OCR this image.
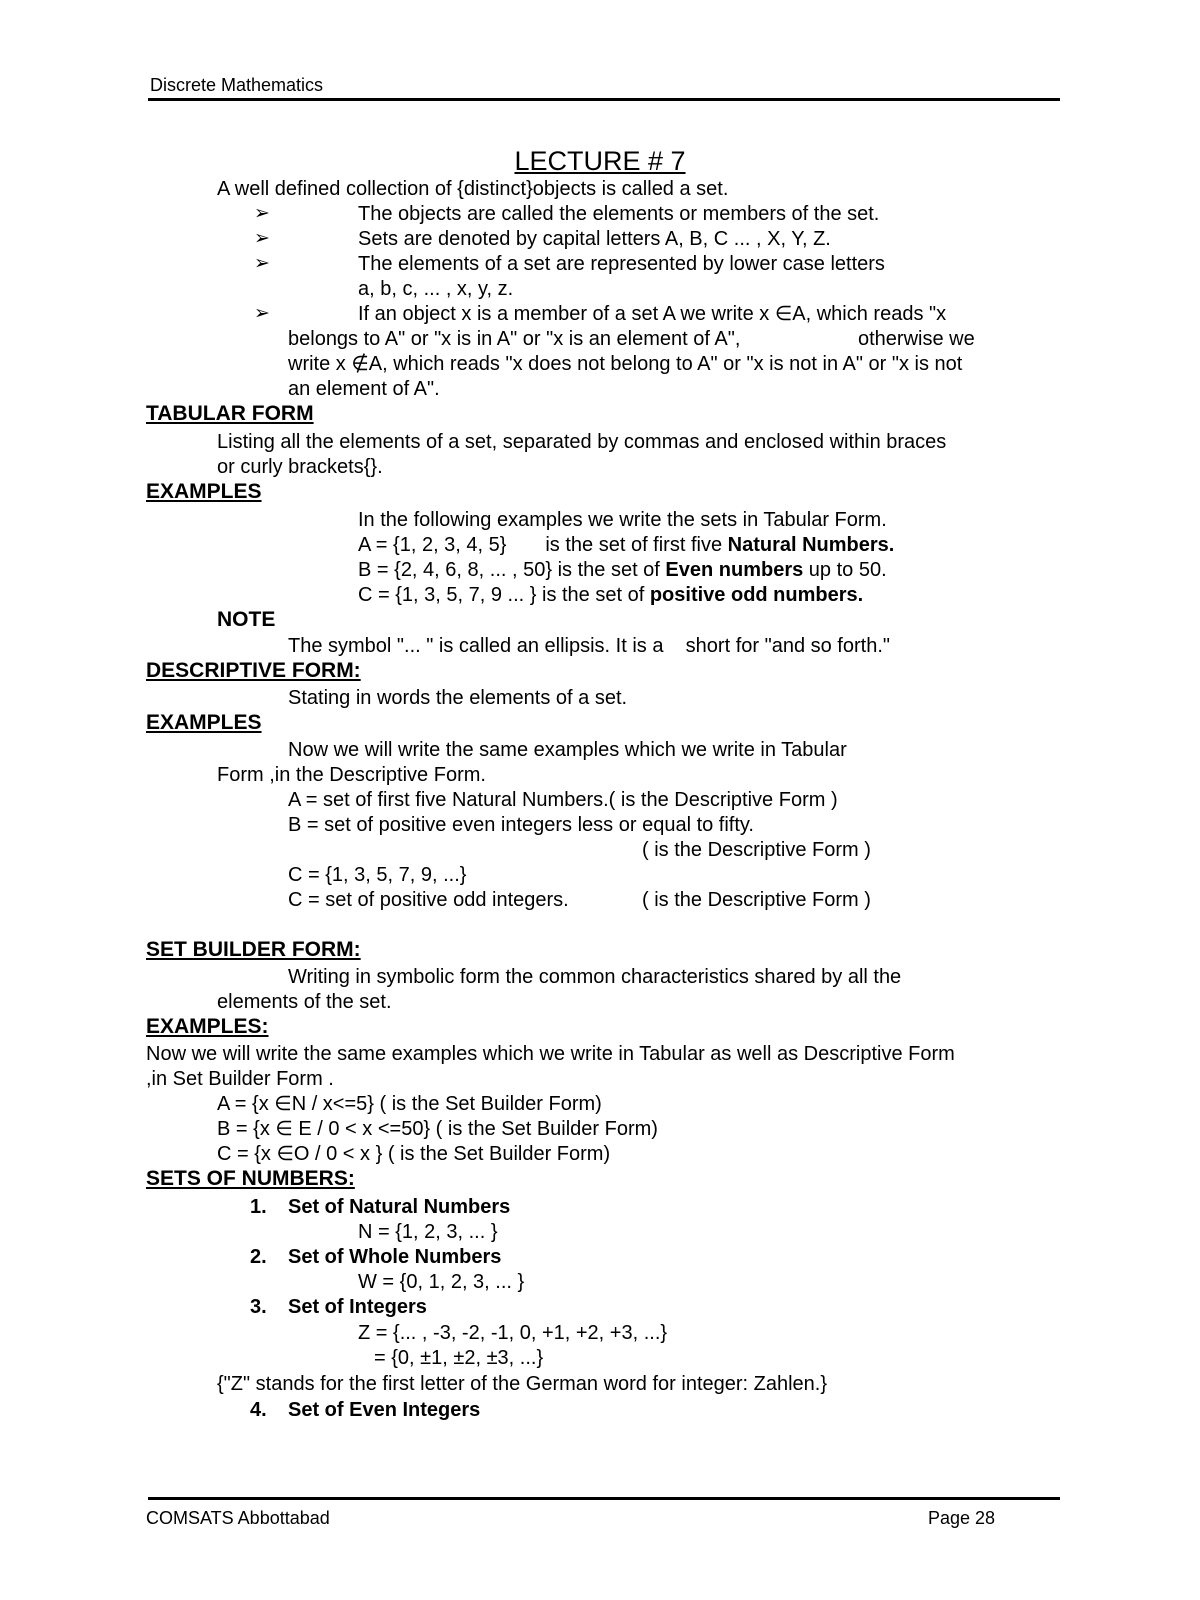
Discrete Mathematics
LECTURE # 7
A well defined collection of {distinct}objects is called a set.
➢	The objects are called the elements or members of the set.
➢	Sets are denoted by capital letters A, B, C ... , X, Y, Z.
➢	The elements of a set are represented by lower case letters
a, b, c, ... , x, y, z.
➢	If an object x is a member of a set A we write x ∈A, which reads "x
belongs to A" or "x is in A" or "x is an element of A",	otherwise we
write x ∉A, which reads "x does not belong to A" or "x is not in A" or "x is not
an element of A".
TABULAR FORM
Listing all the elements of a set, separated by commas and enclosed within braces
or curly brackets{}.
EXAMPLES
In the following examples we write the sets in Tabular Form.
A = {1, 2, 3, 4, 5}       is the set of first five Natural Numbers.
B = {2, 4, 6, 8, ... , 50} is the set of Even numbers up to 50.
C = {1, 3, 5, 7, 9 ... } is the set of positive odd numbers.
NOTE
The symbol "... " is called an ellipsis. It is a    short for "and so forth."
DESCRIPTIVE FORM:
Stating in words the elements of a set.
EXAMPLES
Now we will write the same examples which we write in Tabular
Form ,in the Descriptive Form.
A = set of first five Natural Numbers.( is the Descriptive Form )
B = set of positive even integers less or equal to fifty.
( is the Descriptive Form )
C = {1, 3, 5, 7, 9, ...}
C = set of positive odd integers.	( is the Descriptive Form )
SET BUILDER FORM:
Writing in symbolic form the common characteristics shared by all the
elements of the set.
EXAMPLES:
Now we will write the same examples which we write in Tabular as well as Descriptive Form
,in Set Builder Form .
A = {x ∈N / x<=5} ( is the Set Builder Form)
B = {x ∈ E / 0 < x <=50} ( is the Set Builder Form)
C = {x ∈O / 0 < x } ( is the Set Builder Form)
SETS OF NUMBERS:
1. Set of Natural Numbers
N = {1, 2, 3, ... }
2. Set of Whole Numbers
W = {0, 1, 2, 3, ... }
3. Set of Integers
Z = {... , -3, -2, -1, 0, +1, +2, +3, ...}
= {0, ±1, ±2, ±3, ...}
{"Z" stands for the first letter of the German word for integer: Zahlen.}
4. Set of Even Integers
COMSATS Abbottabad	Page 28
